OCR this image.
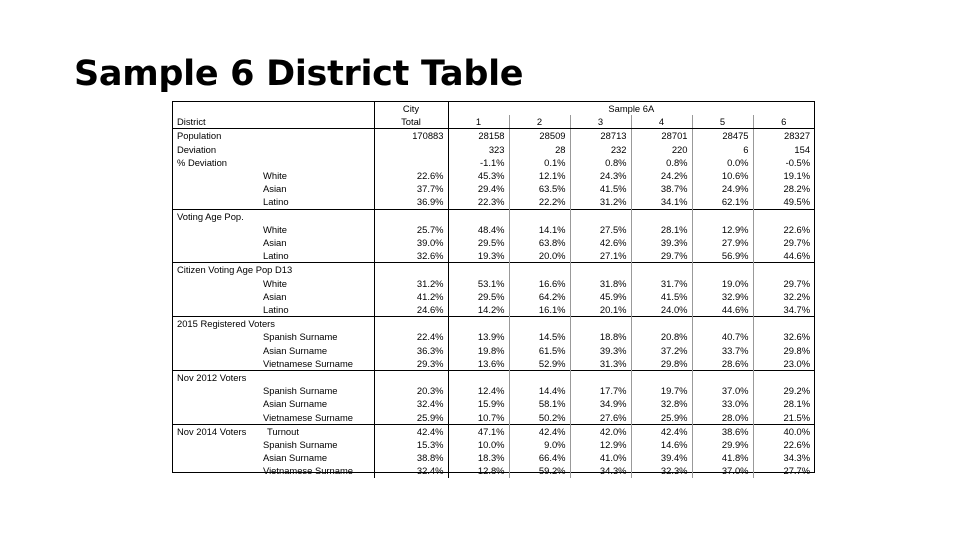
Sample 6 District Table
	City	Sample 6A					
District	Total	1	2	3	4	5	6
Population	170883	28158	28509	28713	28701	28475	28327
Deviation		323	28	232	220	6	154
% Deviation		-1.1%	0.1%	0.8%	0.8%	0.0%	-0.5%
White	22.6%	45.3%	12.1%	24.3%	24.2%	10.6%	19.1%
Asian	37.7%	29.4%	63.5%	41.5%	38.7%	24.9%	28.2%
Latino	36.9%	22.3%	22.2%	31.2%	34.1%	62.1%	49.5%
Voting Age Pop.							
White	25.7%	48.4%	14.1%	27.5%	28.1%	12.9%	22.6%
Asian	39.0%	29.5%	63.8%	42.6%	39.3%	27.9%	29.7%
Latino	32.6%	19.3%	20.0%	27.1%	29.7%	56.9%	44.6%
Citizen Voting Age Pop D13							
White	31.2%	53.1%	16.6%	31.8%	31.7%	19.0%	29.7%
Asian	41.2%	29.5%	64.2%	45.9%	41.5%	32.9%	32.2%
Latino	24.6%	14.2%	16.1%	20.1%	24.0%	44.6%	34.7%
2015 Registered Voters							
Spanish Surname	22.4%	13.9%	14.5%	18.8%	20.8%	40.7%	32.6%
Asian Surname	36.3%	19.8%	61.5%	39.3%	37.2%	33.7%	29.8%
Vietnamese Surname	29.3%	13.6%	52.9%	31.3%	29.8%	28.6%	23.0%
Nov 2012 Voters							
Spanish Surname	20.3%	12.4%	14.4%	17.7%	19.7%	37.0%	29.2%
Asian Surname	32.4%	15.9%	58.1%	34.9%	32.8%	33.0%	28.1%
Vietnamese Surname	25.9%	10.7%	50.2%	27.6%	25.9%	28.0%	21.5%
Nov 2014 Voters Turnout	42.4%	47.1%	42.4%	42.0%	42.4%	38.6%	40.0%
Spanish Surname	15.3%	10.0%	9.0%	12.9%	14.6%	29.9%	22.6%
Asian Surname	38.8%	18.3%	66.4%	41.0%	39.4%	41.8%	34.3%
Vietnamese Surname	32.4%	12.8%	59.2%	34.3%	32.3%	37.0%	27.7%
